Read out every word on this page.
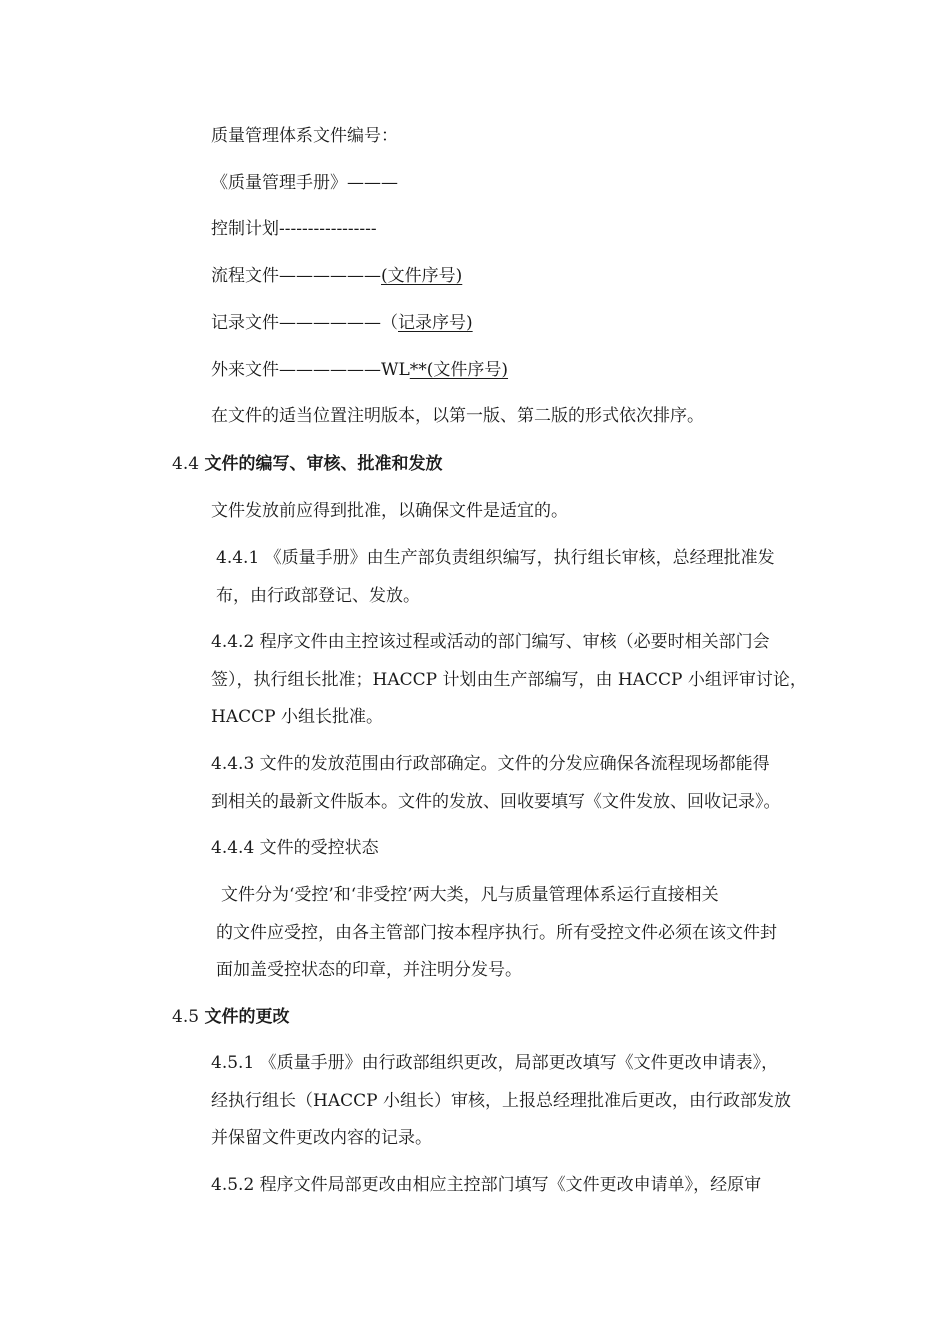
质量管理体系文件编号：
《质量管理手册》———
控制计划-----------------
流程文件——————(文件序号)
记录文件——————（记录序号)
外来文件——————WL**(文件序号)
在文件的适当位置注明版本，以第一版、第二版的形式依次排序。
4.4 文件的编写、审核、批准和发放
文件发放前应得到批准，以确保文件是适宜的。
4.4.1 《质量手册》由生产部负责组织编写，执行组长审核，总经理批准发
布，由行政部登记、发放。
4.4.2 程序文件由主控该过程或活动的部门编写、审核（必要时相关部门会
签），执行组长批准；HACCP 计划由生产部编写，由 HACCP 小组评审讨论，
HACCP 小组长批准。
4.4.3 文件的发放范围由行政部确定。文件的分发应确保各流程现场都能得
到相关的最新文件版本。文件的发放、回收要填写《文件发放、回收记录》。
4.4.4 文件的受控状态
文件分为‘受控’和‘非受控’两大类，凡与质量管理体系运行直接相关
的文件应受控，由各主管部门按本程序执行。所有受控文件必须在该文件封
面加盖受控状态的印章，并注明分发号。
4.5 文件的更改
4.5.1 《质量手册》由行政部组织更改，局部更改填写《文件更改申请表》，
经执行组长（HACCP 小组长）审核，上报总经理批准后更改，由行政部发放
并保留文件更改内容的记录。
4.5.2 程序文件局部更改由相应主控部门填写《文件更改申请单》，经原审
